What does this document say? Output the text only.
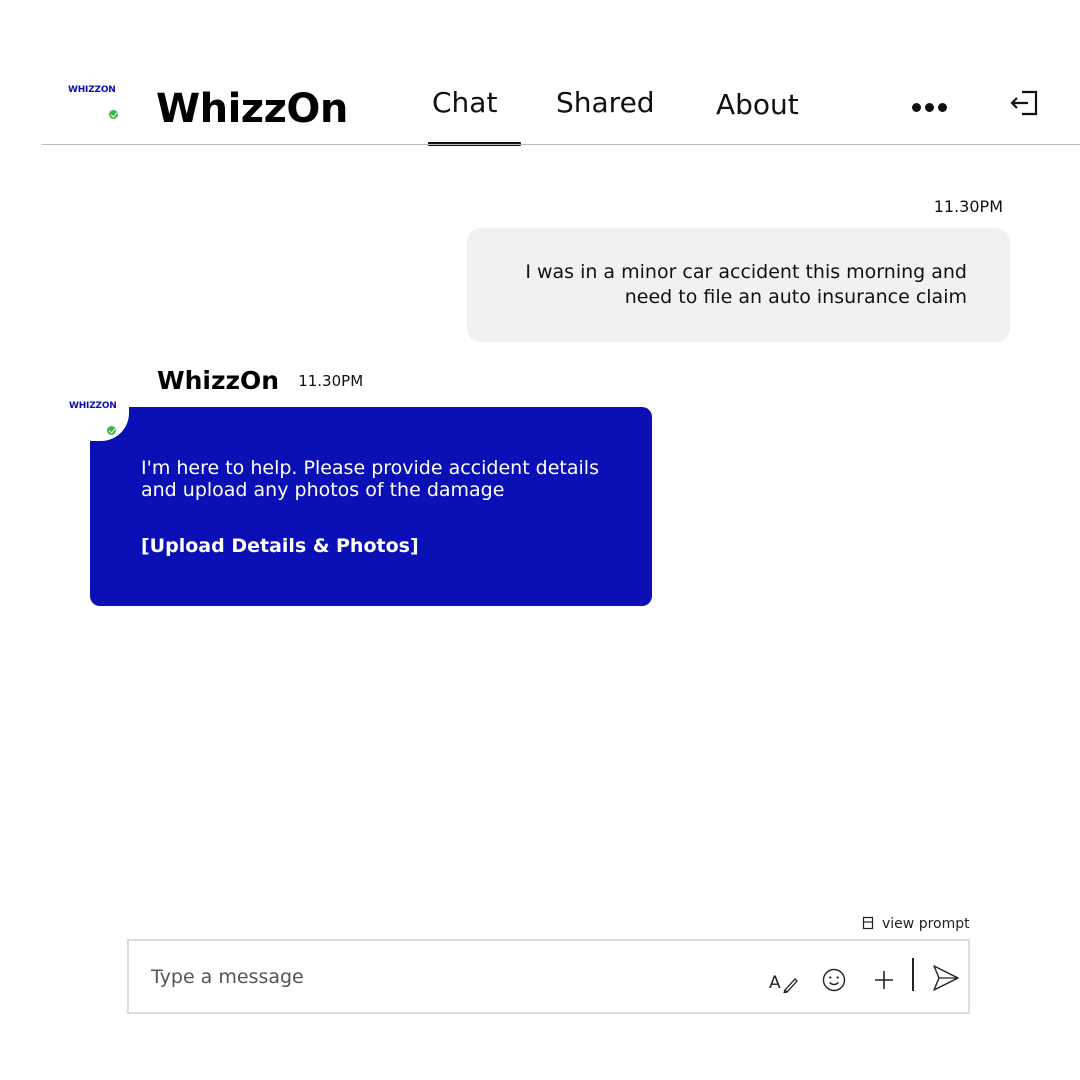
WHIZZON WhizzOn	Chat Shared About
11.30PM
I was in a minor car accident this morning and need to file an auto insurance claim
WhizzOn 11.30PM
WHIZZON
I'm here to help. Please provide accident details and upload any photos of the damage
[Upload Details & Photos]
view prompt
Type a message
A
